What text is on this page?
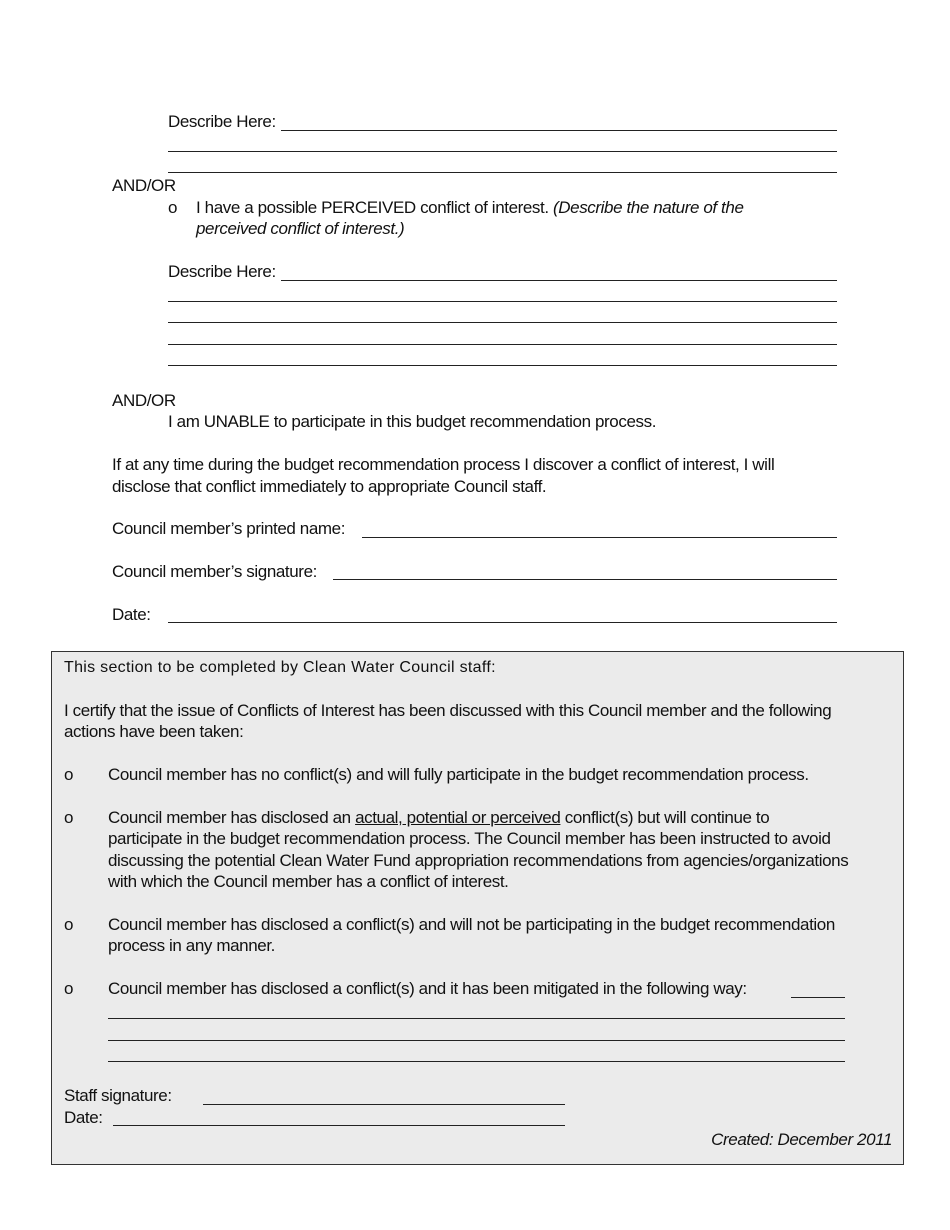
Describe Here:
AND/OR
o I have a possible PERCEIVED conflict of interest. (Describe the nature of the
perceived conflict of interest.)
Describe Here:
AND/OR
I am UNABLE to participate in this budget recommendation process.
If at any time during the budget recommendation process I discover a conflict of interest, I will
disclose that conflict immediately to appropriate Council staff.
Council member’s printed name:
Council member’s signature:
Date:
This section to be completed by Clean Water Council staff:
I certify that the issue of Conflicts of Interest has been discussed with this Council member and the following
actions have been taken:
o Council member has no conflict(s) and will fully participate in the budget recommendation process.
o Council member has disclosed an actual, potential or perceived conflict(s) but will continue to
participate in the budget recommendation process. The Council member has been instructed to avoid
discussing the potential Clean Water Fund appropriation recommendations from agencies/organizations
with which the Council member has a conflict of interest.
o Council member has disclosed a conflict(s) and will not be participating in the budget recommendation
process in any manner.
o Council member has disclosed a conflict(s) and it has been mitigated in the following way:
Staff signature:
Date:
Created: December 2011
